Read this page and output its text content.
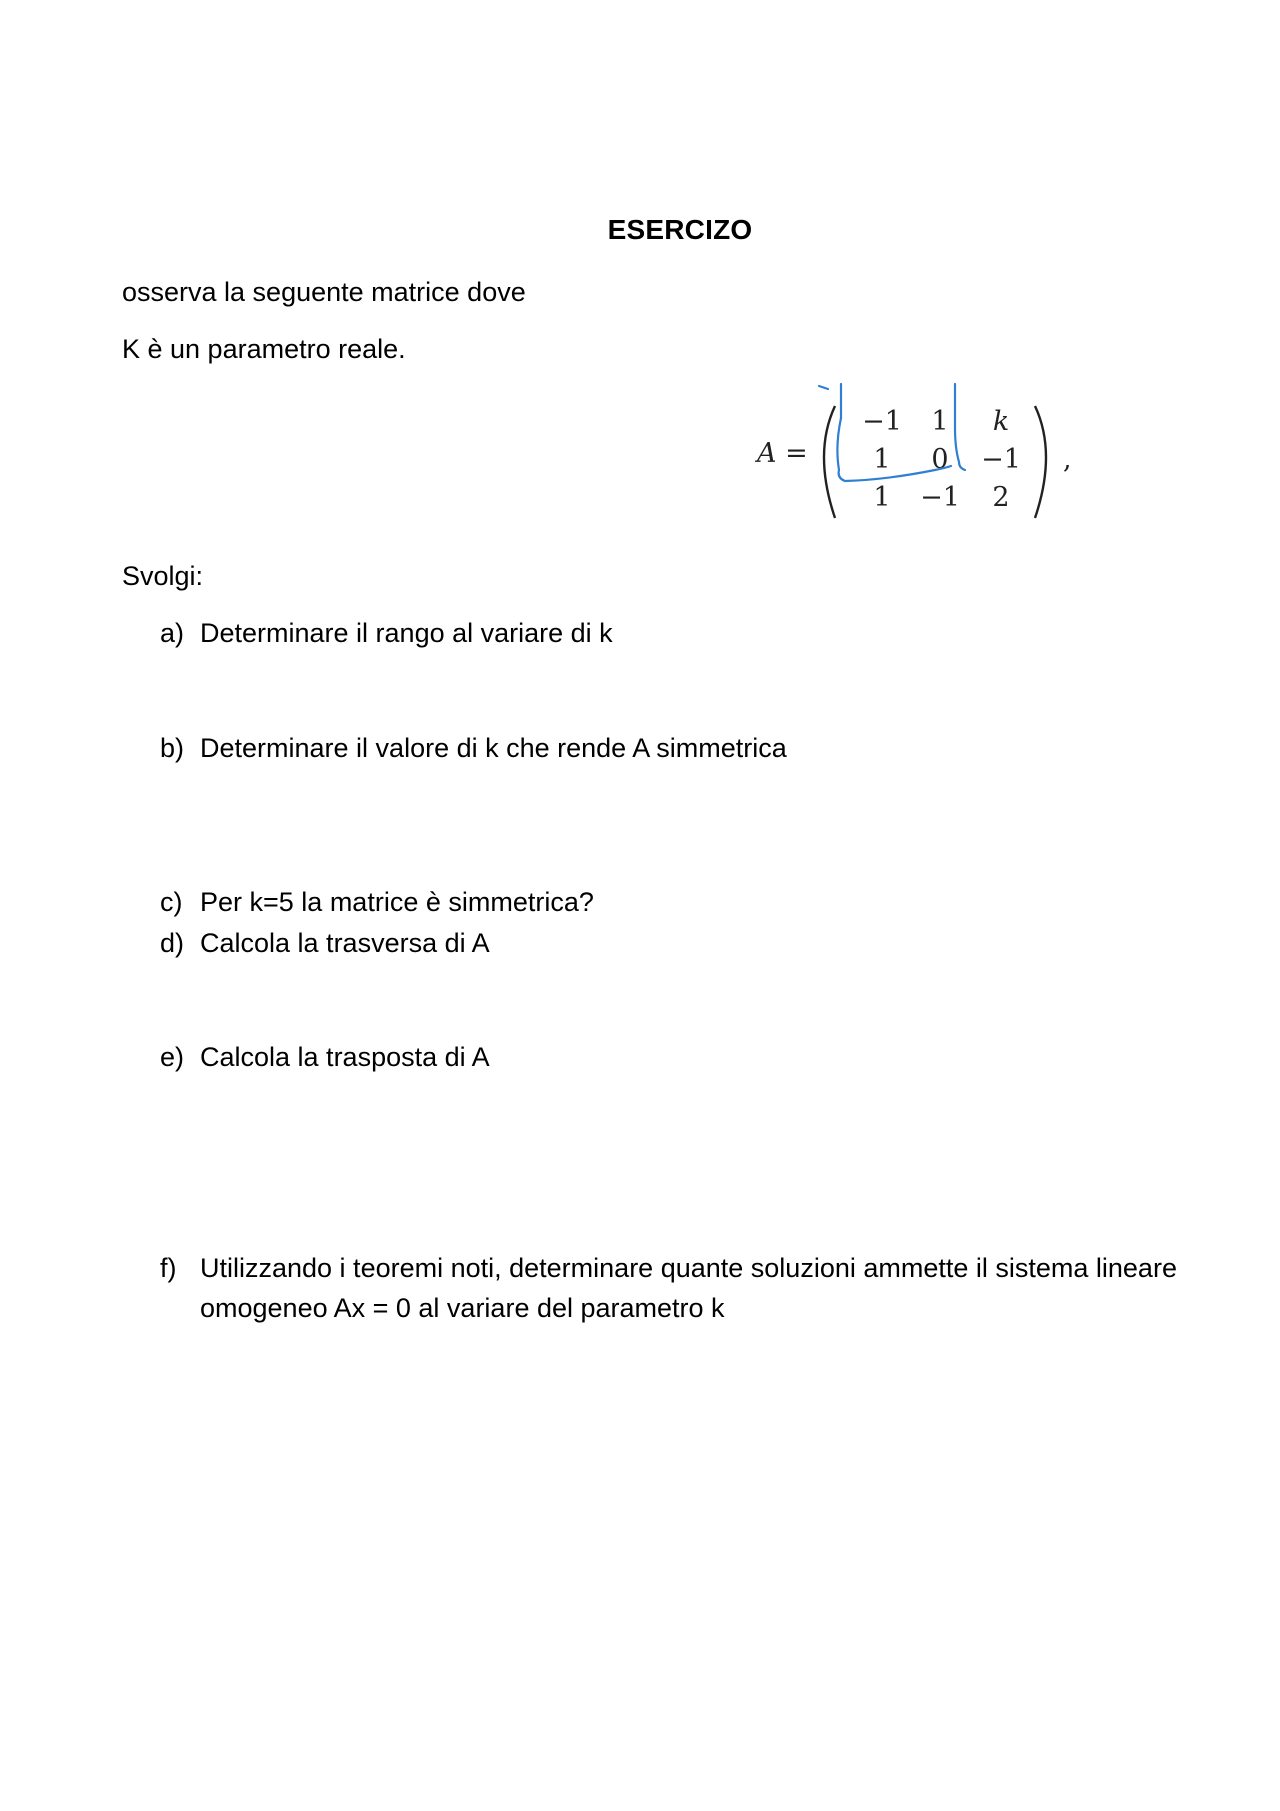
ESERCIZO
osserva la seguente matrice dove
K è un parametro reale.
A =
−1	1	k
1	0	−1
1	−1	2
,
Svolgi:
a) Determinare il rango al variare di k
b) Determinare il valore di k che rende A simmetrica
c) Per k=5 la matrice è simmetrica?
d) Calcola la trasversa di A
e) Calcola la trasposta di A
f) Utilizzando i teoremi noti, determinare quante soluzioni ammette il sistema lineare omogeneo Ax = 0 al variare del parametro k
